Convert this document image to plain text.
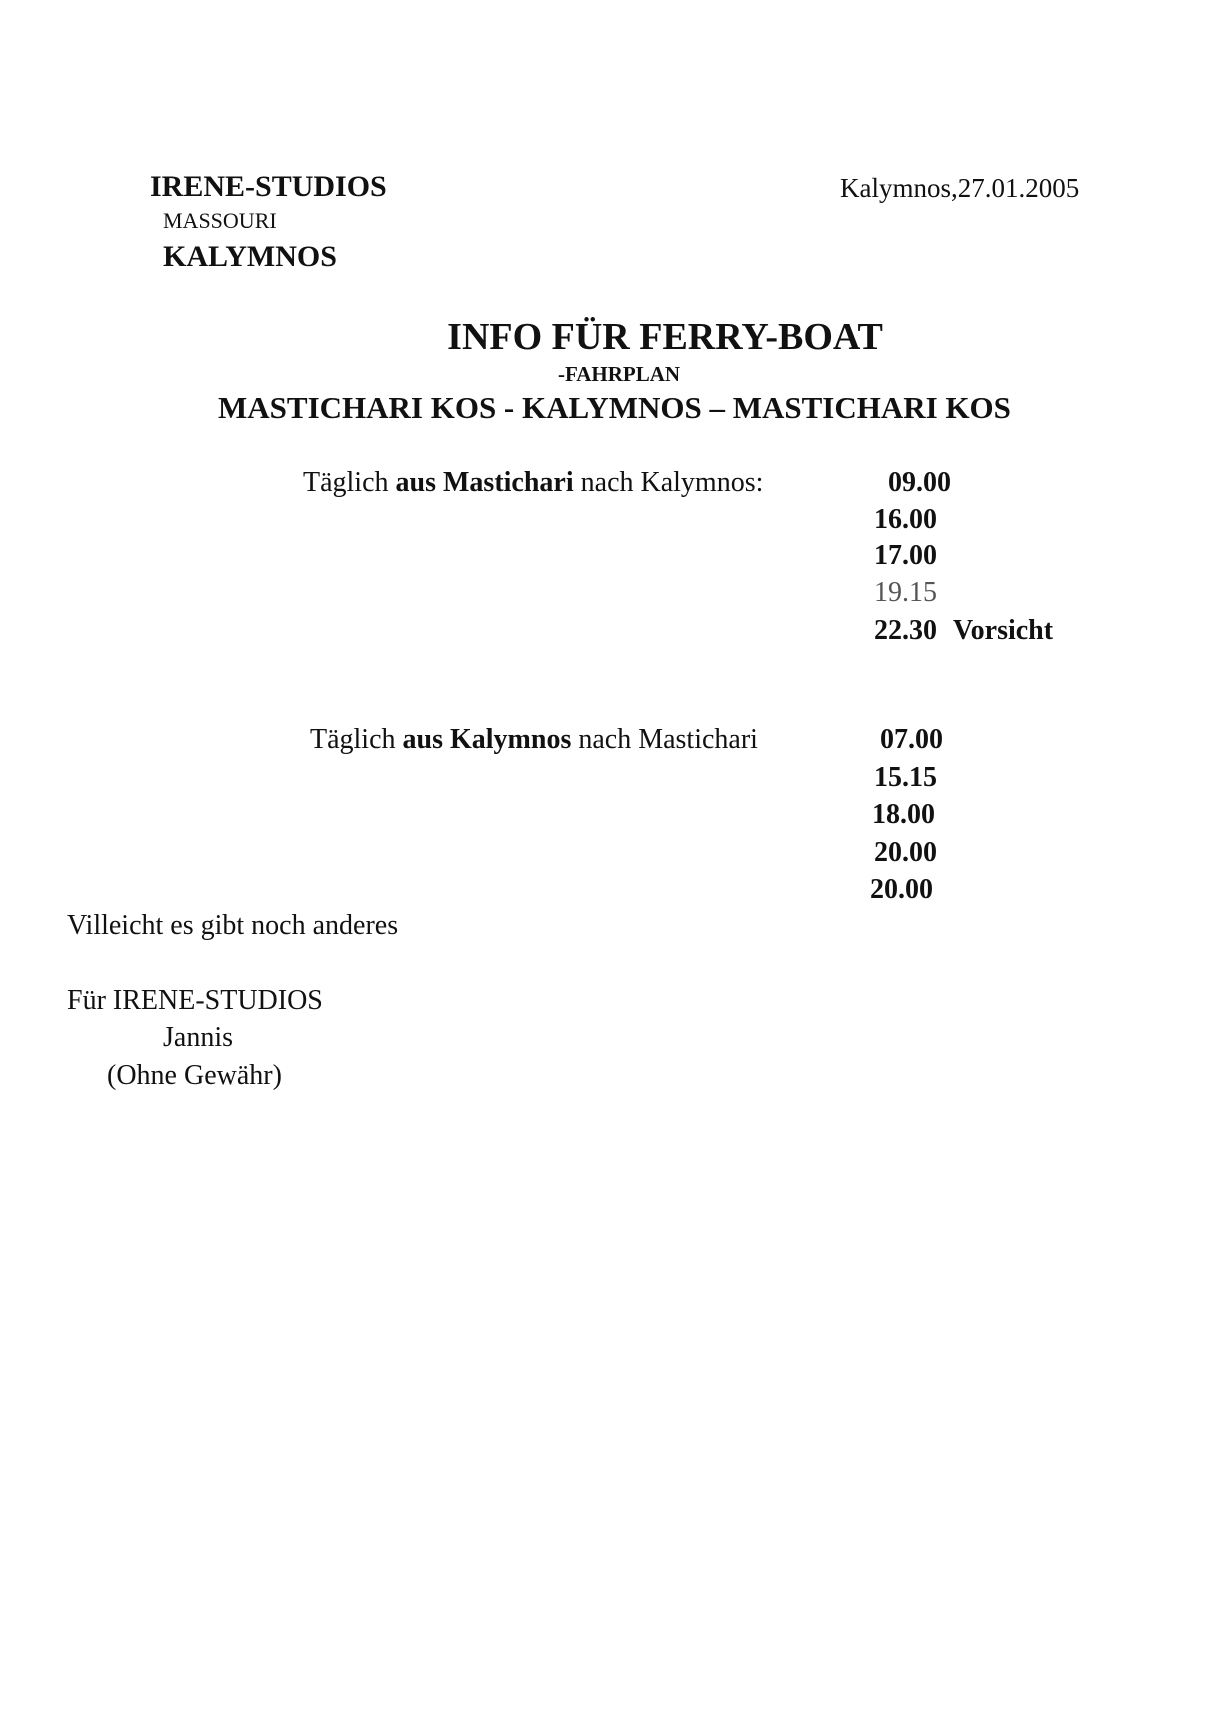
IRENE-STUDIOS
MASSOURI
KALYMNOS
Kalymnos,27.01.2005
INFO FÜR FERRY-BOAT
-FAHRPLAN
MASTICHARI KOS - KALYMNOS – MASTICHARI KOS
Täglich aus Mastichari nach Kalymnos:	09.00
16.00
17.00
19.15
22.30 Vorsicht
Täglich aus Kalymnos nach Mastichari	07.00
15.15
18.00
20.00
20.00
Villeicht es gibt noch anderes
Für IRENE-STUDIOS
Jannis
(Ohne Gewähr)
